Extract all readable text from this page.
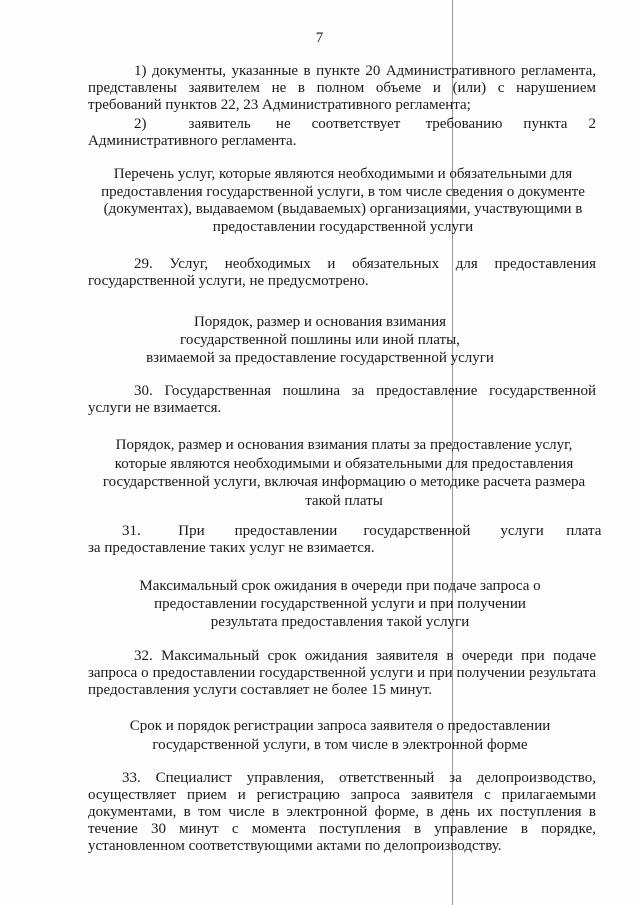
7
1) документы, указанные в пункте 20 Административного регламента, представлены заявителем не в полном объеме и (или) с нарушением требований пунктов 22, 23 Административного регламента;
2)          заявитель      не     соответствует      требованию     пункта     2
Административного регламента.
Перечень услуг, которые являются необходимыми и обязательными для предоставления государственной услуги, в том числе сведения о документе (документах), выдаваемом (выдаваемых) организациями, участвующими в предоставлении государственной услуги
29. Услуг, необходимых и обязательных для предоставления государственной услуги, не предусмотрено.
Порядок, размер и основания взимания государственной пошлины или иной платы, взимаемой за предоставление государственной услуги
30. Государственная пошлина за предоставление государственной услуги не взимается.
Порядок, размер и основания взимания платы за предоставление услуг, которые являются необходимыми и обязательными для предоставления государственной услуги, включая информацию о методике расчета размера такой платы
31.          При        предоставлении       государственной        услуги      плата
за предоставление таких услуг не взимается.
Максимальный срок ожидания в очереди при подаче запроса о предоставлении государственной услуги и при получении результата предоставления такой услуги
32. Максимальный срок ожидания заявителя в очереди при подаче запроса о предоставлении государственной услуги и при получении результата предоставления услуги составляет не более 15 минут.
Срок и порядок регистрации запроса заявителя о предоставлении государственной услуги, в том числе в электронной форме
33. Специалист управления, ответственный за делопроизводство, осуществляет прием и регистрацию запроса заявителя с прилагаемыми документами, в том числе в электронной форме, в день их поступления в течение 30 минут с момента поступления в управление в порядке, установленном соответствующими актами по делопроизводству.
